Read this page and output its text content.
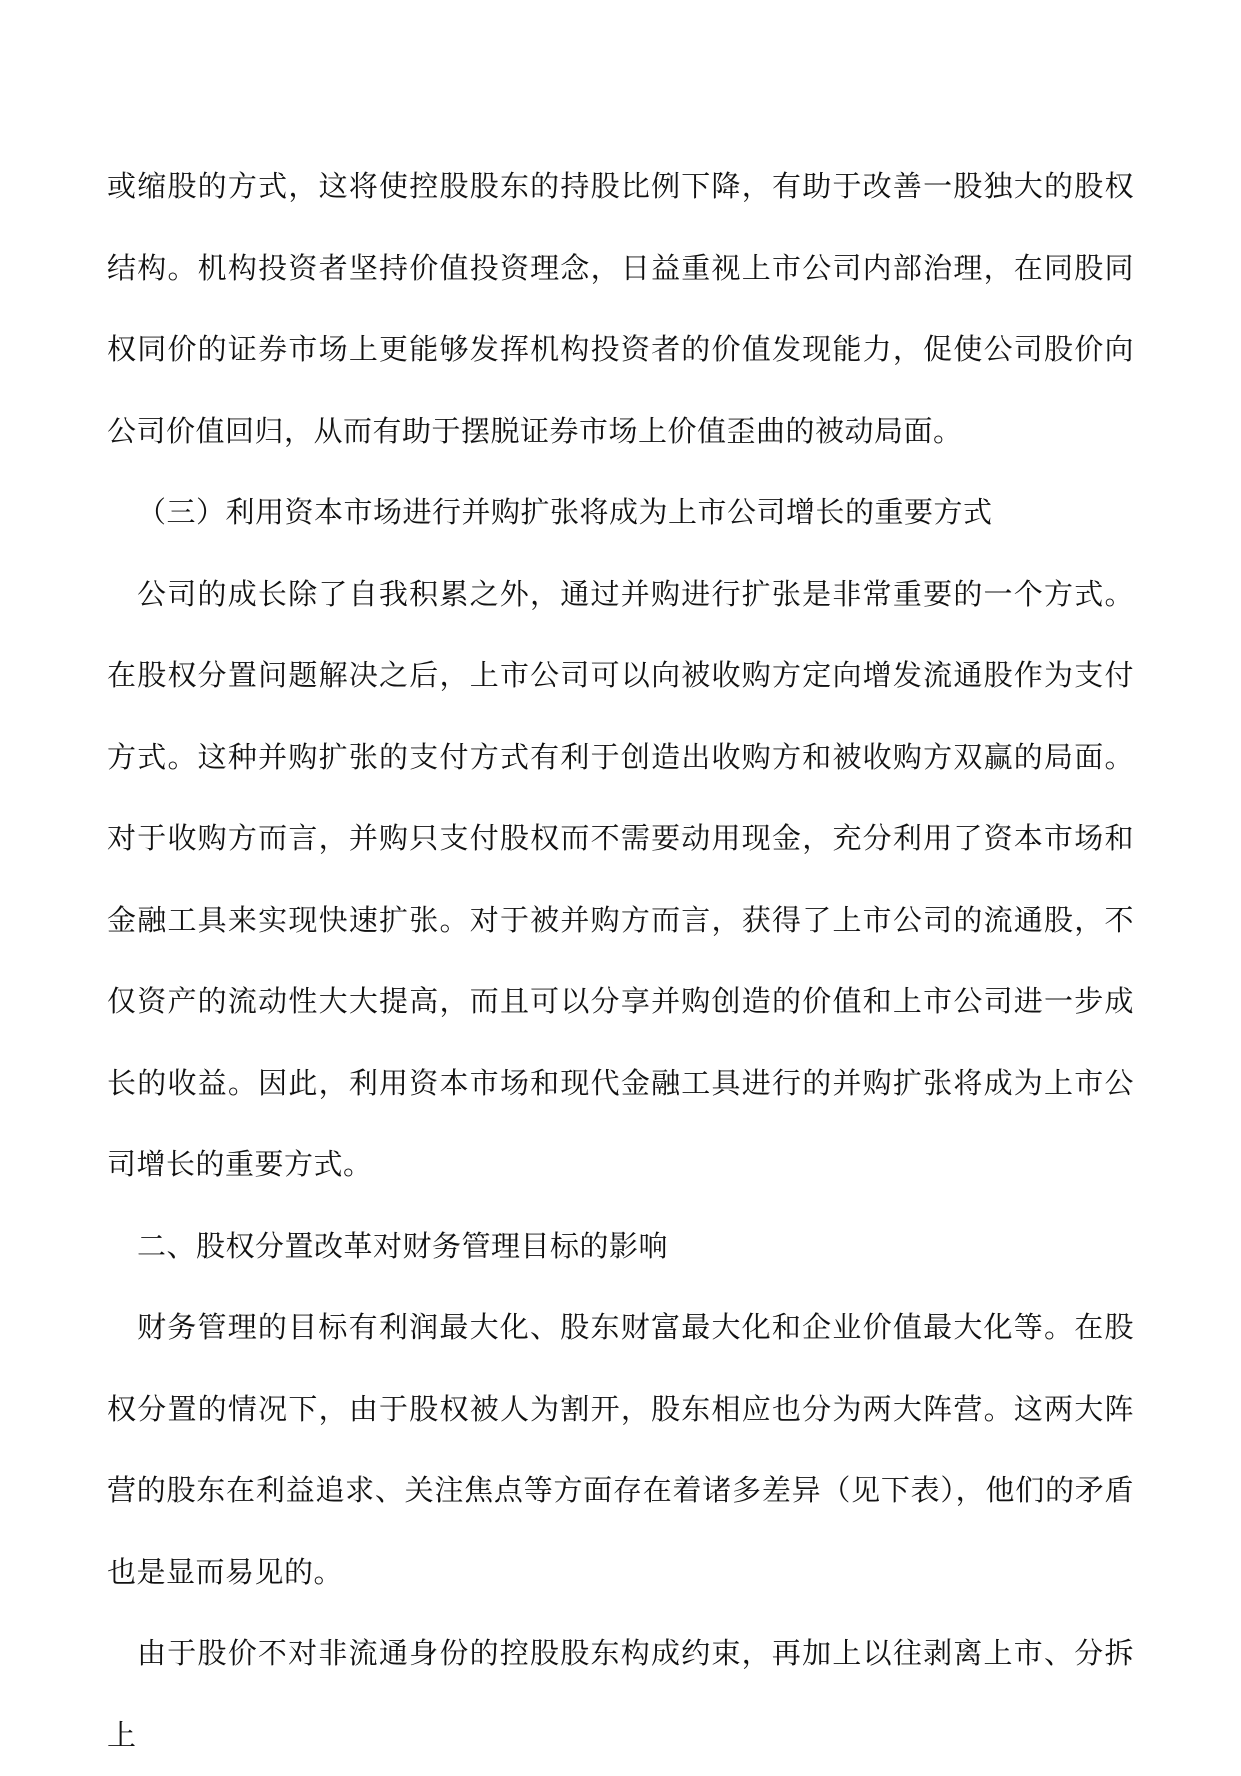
或缩股的方式，这将使控股股东的持股比例下降，有助于改善一股独大的股权结构。机构投资者坚持价值投资理念，日益重视上市公司内部治理，在同股同权同价的证券市场上更能够发挥机构投资者的价值发现能力，促使公司股价向公司价值回归，从而有助于摆脱证券市场上价值歪曲的被动局面。

（三）利用资本市场进行并购扩张将成为上市公司增长的重要方式

公司的成长除了自我积累之外，通过并购进行扩张是非常重要的一个方式。在股权分置问题解决之后，上市公司可以向被收购方定向增发流通股作为支付方式。这种并购扩张的支付方式有利于创造出收购方和被收购方双赢的局面。对于收购方而言，并购只支付股权而不需要动用现金，充分利用了资本市场和金融工具来实现快速扩张。对于被并购方而言，获得了上市公司的流通股，不仅资产的流动性大大提高，而且可以分享并购创造的价值和上市公司进一步成长的收益。因此，利用资本市场和现代金融工具进行的并购扩张将成为上市公司增长的重要方式。

二、股权分置改革对财务管理目标的影响

财务管理的目标有利润最大化、股东财富最大化和企业价值最大化等。在股权分置的情况下，由于股权被人为割开，股东相应也分为两大阵营。这两大阵营的股东在利益追求、关注焦点等方面存在着诸多差异（见下表），他们的矛盾也是显而易见的。

由于股价不对非流通身份的控股股东构成约束，再加上以往剥离上市、分拆上
